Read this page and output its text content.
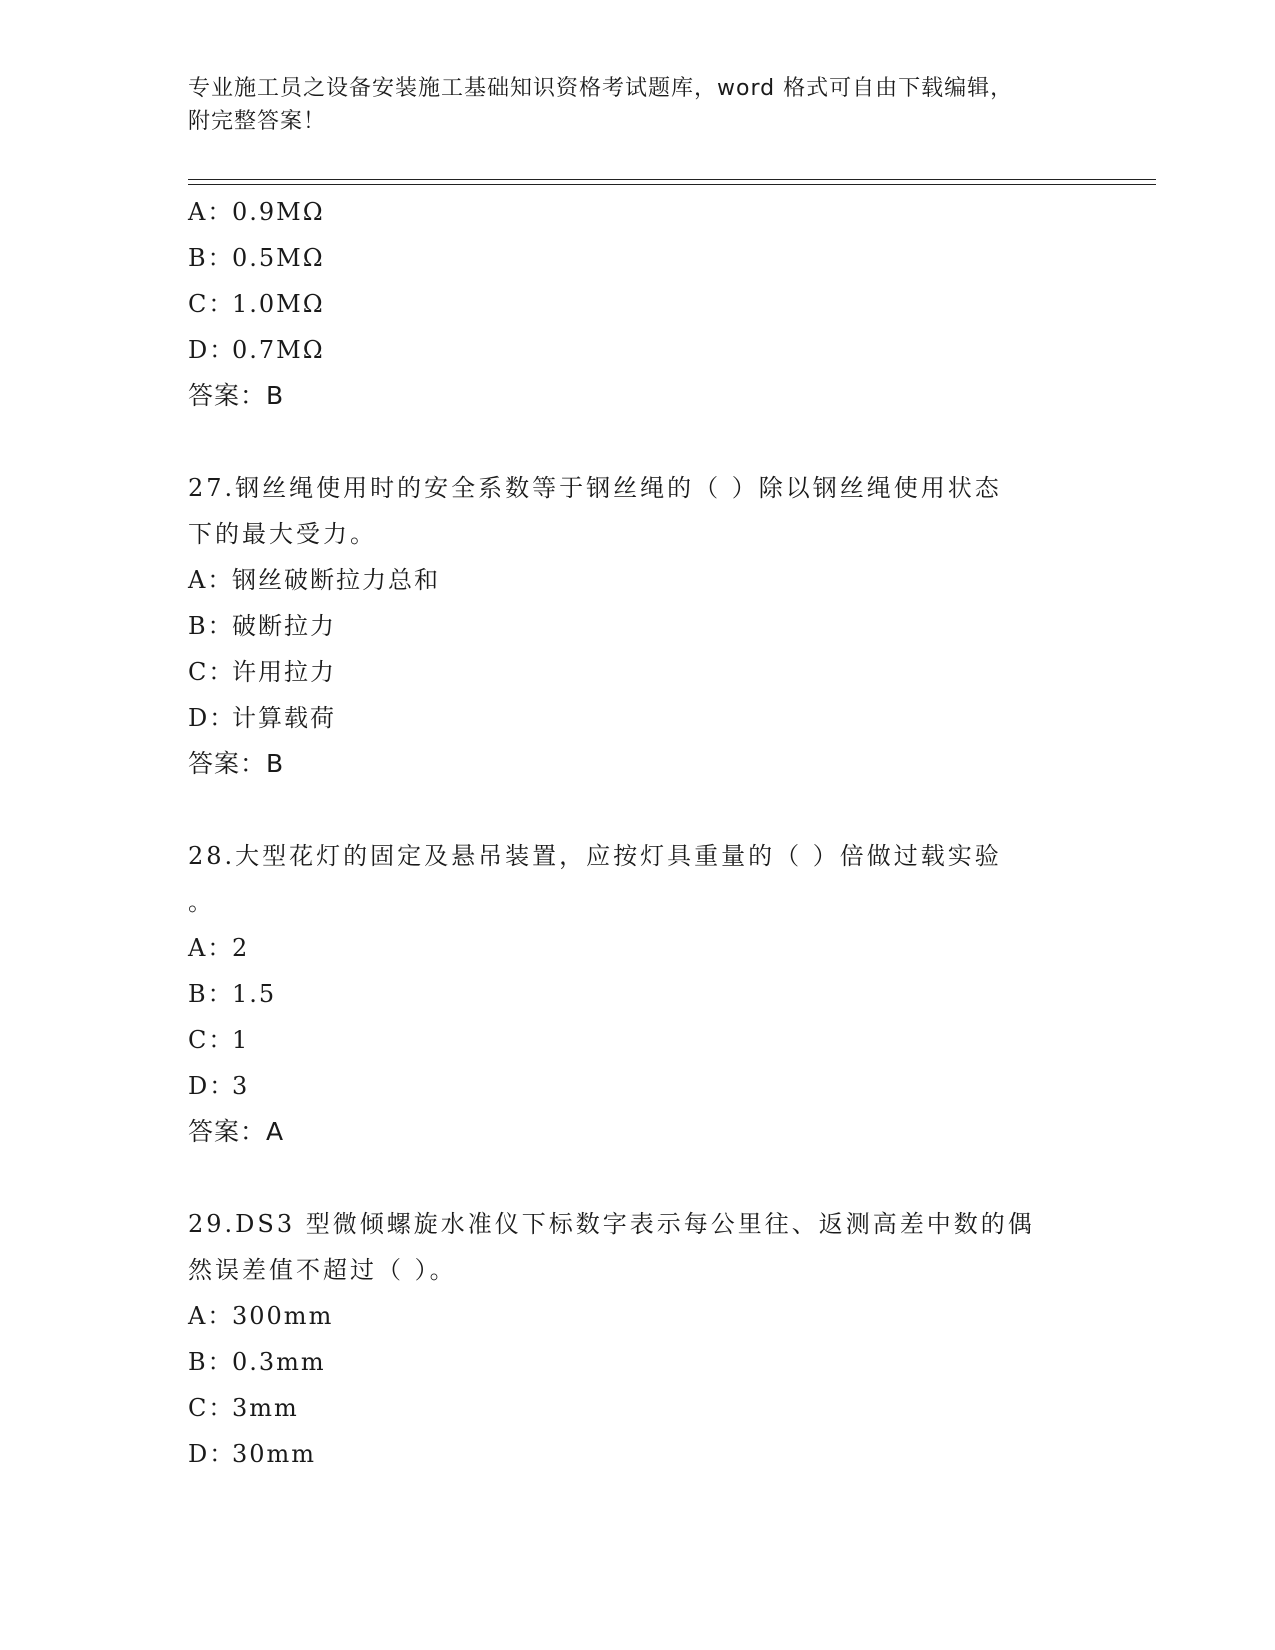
专业施工员之设备安装施工基础知识资格考试题库，word 格式可自由下载编辑，
附完整答案！
A：0.9MΩ
B：0.5MΩ
C：1.0MΩ
D：0.7MΩ
答案：B
27.钢丝绳使用时的安全系数等于钢丝绳的（ ）除以钢丝绳使用状态
下的最大受力。
A：钢丝破断拉力总和
B：破断拉力
C：许用拉力
D：计算载荷
答案：B
28.大型花灯的固定及悬吊装置，应按灯具重量的（ ）倍做过载实验
。
A：2
B：1.5
C：1
D：3
答案：A
29.DS3 型微倾螺旋水准仪下标数字表示每公里往、返测高差中数的偶
然误差值不超过（ ）。
A：300mm
B：0.3mm
C：3mm
D：30mm
